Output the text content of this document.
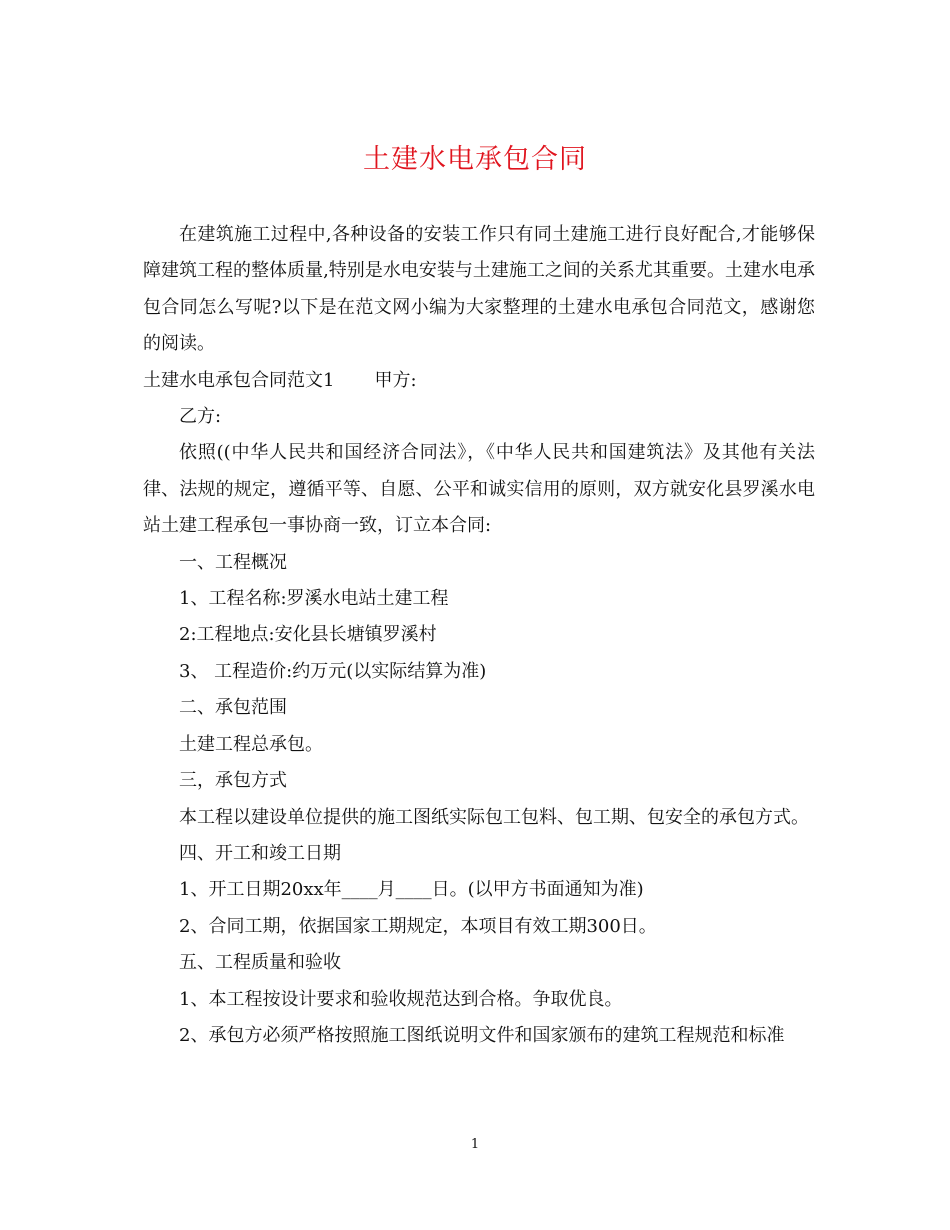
土建水电承包合同

在建筑施工过程中,各种设备的安装工作只有同土建施工进行良好配合,才能够保障建筑工程的整体质量,特别是水电安装与土建施工之间的关系尤其重要。土建水电承包合同怎么写呢?以下是在范文网小编为大家整理的土建水电承包合同范文，感谢您的阅读。

土建水电承包合同范文1 甲方:

乙方:

依照((中华人民共和国经济合同法》，《中华人民共和国建筑法》及其他有关法律、法规的规定，遵循平等、自愿、公平和诚实信用的原则，双方就安化县罗溪水电站土建工程承包一事协商一致，订立本合同:

一、工程概况

1、工程名称:罗溪水电站土建工程

2:工程地点:安化县长塘镇罗溪村

3、 工程造价:约万元(以实际结算为准)

二、承包范围

土建工程总承包。

三，承包方式

本工程以建设单位提供的施工图纸实际包工包料、包工期、包安全的承包方式。

四、开工和竣工日期

1、开工日期20xx年____月____日。(以甲方书面通知为准)

2、合同工期，依据国家工期规定，本项目有效工期300日。

五、工程质量和验收

1、本工程按设计要求和验收规范达到合格。争取优良。

2、承包方必须严格按照施工图纸说明文件和国家颁布的建筑工程规范和标准

1
